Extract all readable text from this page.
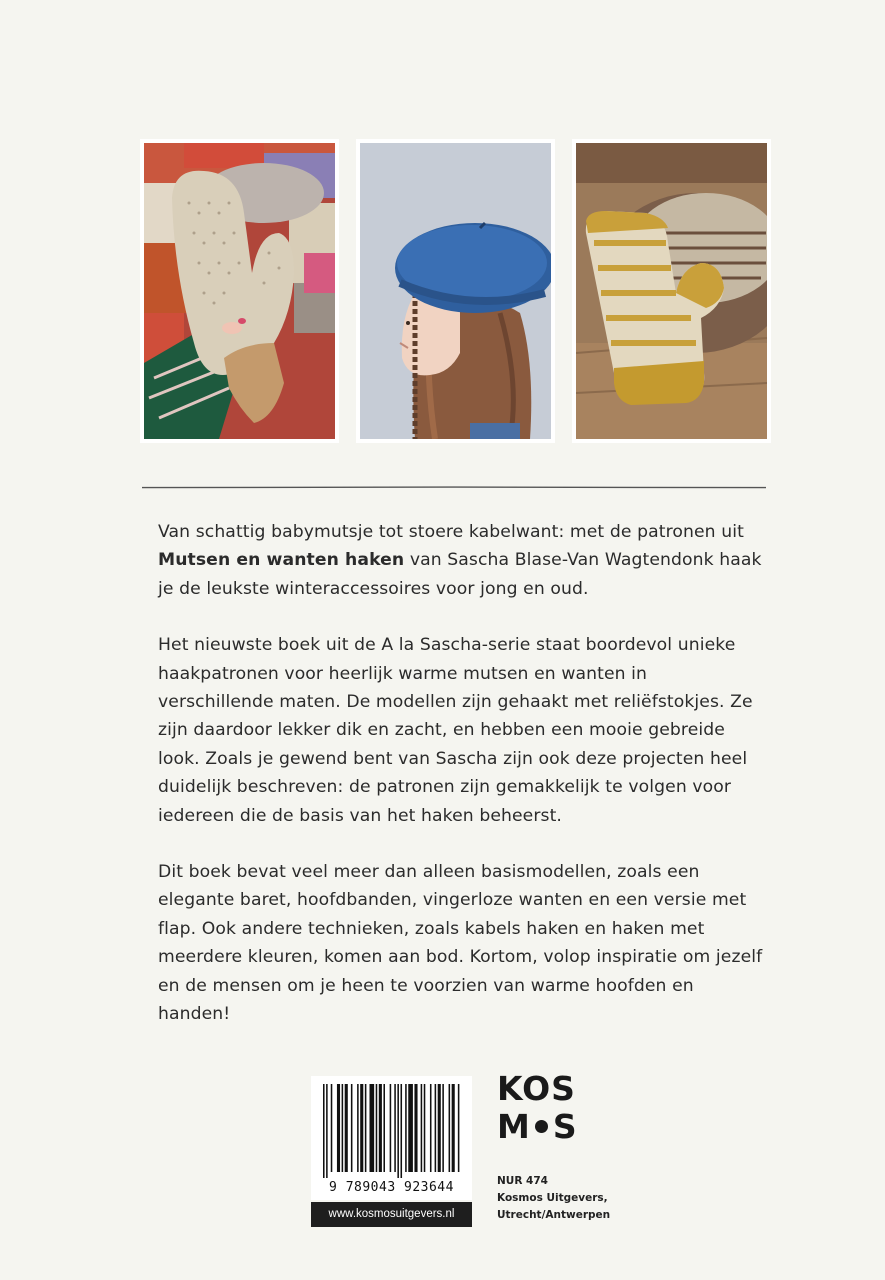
Van schattig babymutsje tot stoere kabelwant: met de patronen uit Mutsen en wanten haken van Sascha Blase-Van Wagtendonk haak je de leukste winteraccessoires voor jong en oud.

Het nieuwste boek uit de A la Sascha-serie staat boordevol unieke haakpatronen voor heerlijk warme mutsen en wanten in verschillende maten. De modellen zijn gehaakt met reliëfstokjes. Ze zijn daardoor lekker dik en zacht, en hebben een mooie gebreide look. Zoals je gewend bent van Sascha zijn ook deze projecten heel duidelijk beschreven: de patronen zijn gemakkelijk te volgen voor iedereen die de basis van het haken beheerst.

Dit boek bevat veel meer dan alleen basismodellen, zoals een elegante baret, hoofdbanden, vingerloze wanten en een versie met flap. Ook andere technieken, zoals kabels haken en haken met meerdere kleuren, komen aan bod. Kortom, volop inspiratie om jezelf en de mensen om je heen te voorzien van warme hoofden en handen!

9 789043 923644
www.kosmosuitgevers.nl
KOS
M S
NUR 474
Kosmos Uitgevers,
Utrecht/Antwerpen
